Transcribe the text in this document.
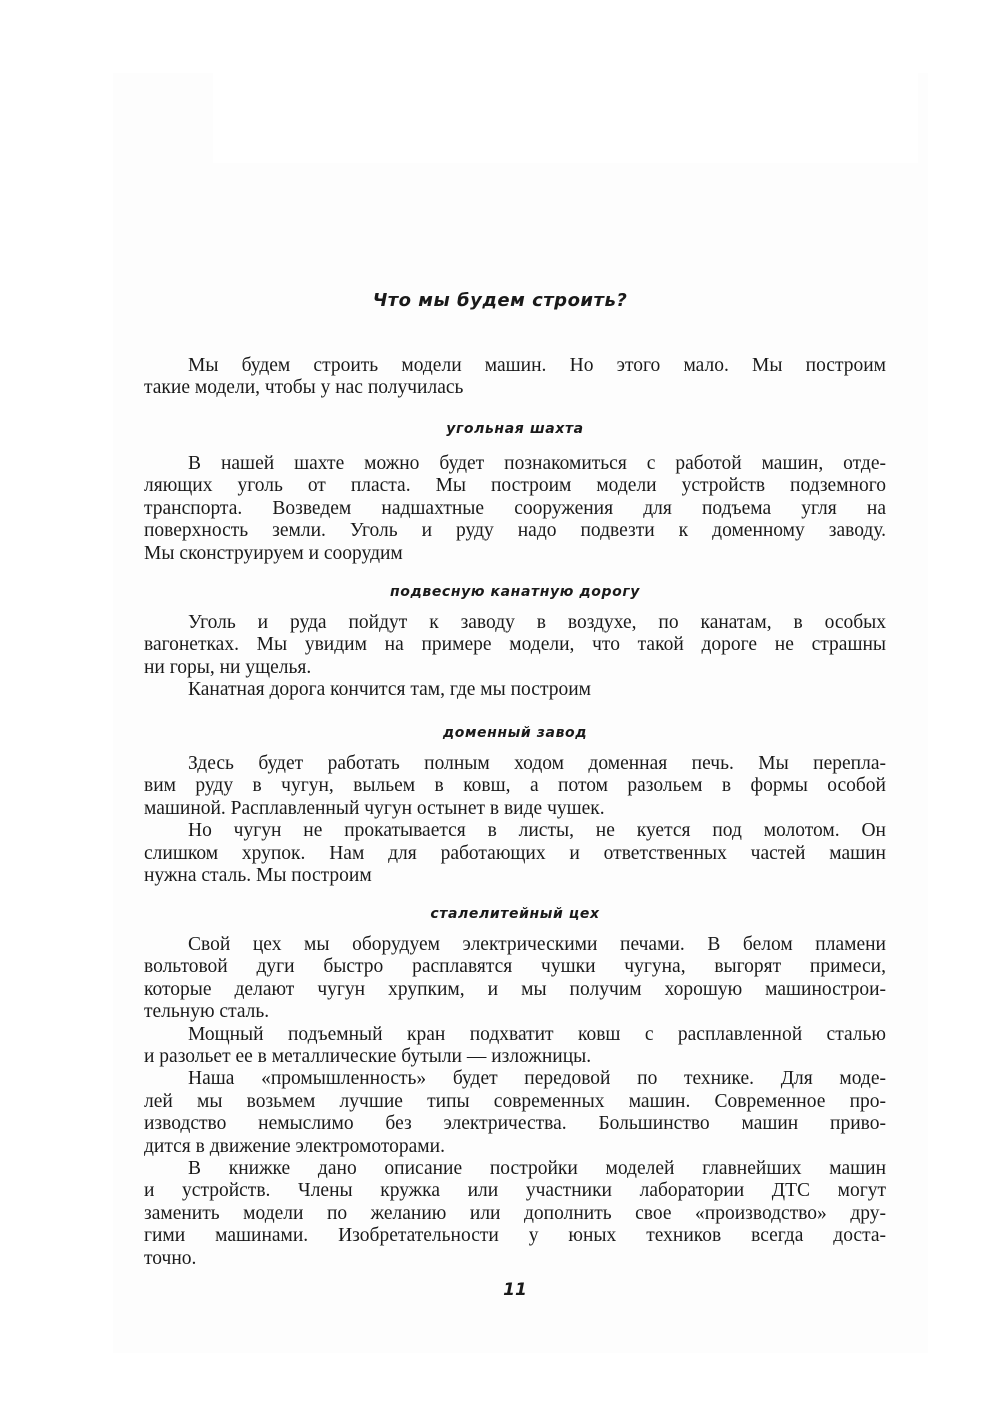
Что мы будем строить?
Мы будем строить модели машин. Но этого мало. Мы построим
такие модели, чтобы у нас получилась
угольная шахта
В нашей шахте можно будет познакомиться с работой машин, отде-
ляющих уголь от пласта. Мы построим модели устройств подземного
транспорта. Возведем надшахтные сооружения для подъема угля на
поверхность земли. Уголь и руду надо подвезти к доменному заводу.
Мы сконструируем и соорудим
подвесную канатную дорогу
Уголь и руда пойдут к заводу в воздухе, по канатам, в особых
вагонетках. Мы увидим на примере модели, что такой дороге не страшны
ни горы, ни ущелья.
Канатная дорога кончится там, где мы построим
доменный завод
Здесь будет работать полным ходом доменная печь. Мы перепла-
вим руду в чугун, выльем в ковш, а потом разольем в формы особой
машиной. Расплавленный чугун остынет в виде чушек.
Но чугун не прокатывается в листы, не куется под молотом. Он
слишком хрупок. Нам для работающих и ответственных частей машин
нужна сталь. Мы построим
сталелитейный цех
Свой цех мы оборудуем электрическими печами. В белом пламени
вольтовой дуги быстро расплавятся чушки чугуна, выгорят примеси,
которые делают чугун хрупким, и мы получим хорошую машинострои-
тельную сталь.
Мощный подъемный кран подхватит ковш с расплавленной сталью
и разольет ее в металлические бутыли — изложницы.
Наша «промышленность» будет передовой по технике. Для моде-
лей мы возьмем лучшие типы современных машин. Современное про-
изводство немыслимо без электричества. Большинство машин приво-
дится в движение электромоторами.
В книжке дано описание постройки моделей главнейших машин
и устройств. Члены кружка или участники лаборатории ДТС могут
заменить модели по желанию или дополнить свое «производство» дру-
гими машинами. Изобретательности у юных техников всегда доста-
точно.
11
